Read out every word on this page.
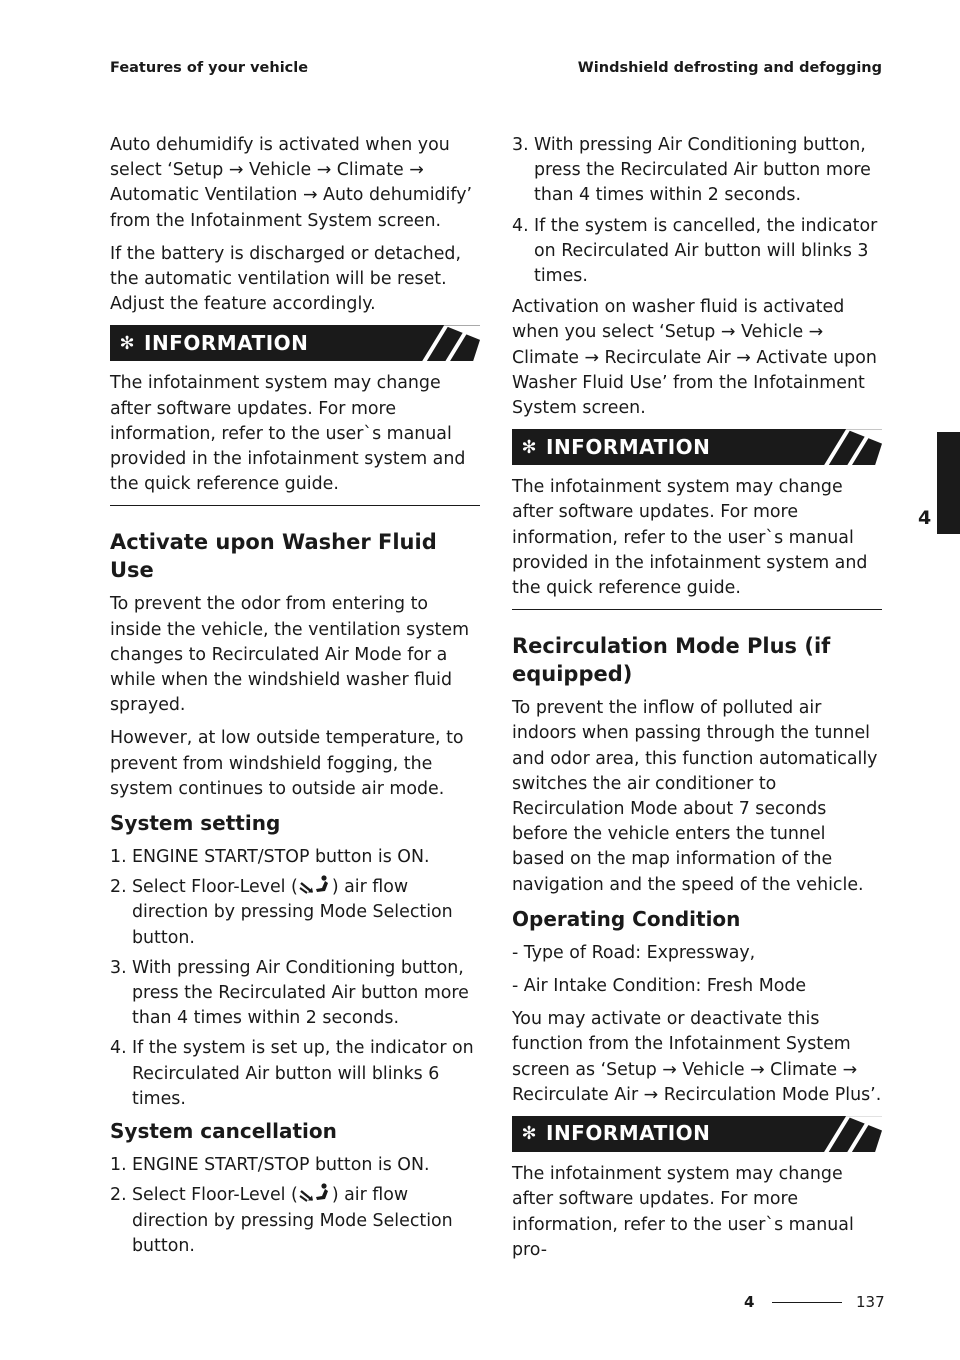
Features of your vehicle	Windshield defrosting and defogging

Auto dehumidify is activated when you select ‘Setup → Vehicle → Climate → Automatic Ventilation → Auto dehumidify’ from the Infotainment System screen.

If the battery is discharged or detached, the automatic ventilation will be reset. Adjust the feature accordingly.

✻ INFORMATION

The infotainment system may change after software updates. For more information, refer to the user`s manual provided in the infotainment system and the quick reference guide.

Activate upon Washer Fluid Use

To prevent the odor from entering to inside the vehicle, the ventilation system changes to Recirculated Air Mode for a while when the windshield washer fluid sprayed.

However, at low outside temperature, to prevent from windshield fogging, the system continues to outside air mode.

System setting
1. ENGINE START/STOP button is ON.
2. Select Floor-Level ( ) air flow direction by pressing Mode Selection button.
3. With pressing Air Conditioning button, press the Recirculated Air button more than 4 times within 2 seconds.
4. If the system is set up, the indicator on Recirculated Air button will blinks 6 times.
System cancellation
1. ENGINE START/STOP button is ON.
2. Select Floor-Level ( ) air flow direction by pressing Mode Selection button.
3. With pressing Air Conditioning button, press the Recirculated Air button more than 4 times within 2 seconds.
4. If the system is cancelled, the indicator on Recirculated Air button will blinks 3 times.

Activation on washer fluid is activated when you select ‘Setup → Vehicle → Climate → Recirculate Air → Activate upon Washer Fluid Use’ from the Infotainment System screen.

✻ INFORMATION

The infotainment system may change after software updates. For more information, refer to the user`s manual provided in the infotainment system and the quick reference guide.

Recirculation Mode Plus (if equipped)

To prevent the inflow of polluted air indoors when passing through the tunnel and odor area, this function automatically switches the air conditioner to Recirculation Mode about 7 seconds before the vehicle enters the tunnel based on the map information of the navigation and the speed of the vehicle.

Operating Condition

- Type of Road: Expressway,

- Air Intake Condition: Fresh Mode

You may activate or deactivate this function from the Infotainment System screen as ‘Setup → Vehicle → Climate → Recirculate Air → Recirculation Mode Plus’.

✻ INFORMATION

The infotainment system may change after software updates. For more information, refer to the user`s manual pro-

4
4	137
